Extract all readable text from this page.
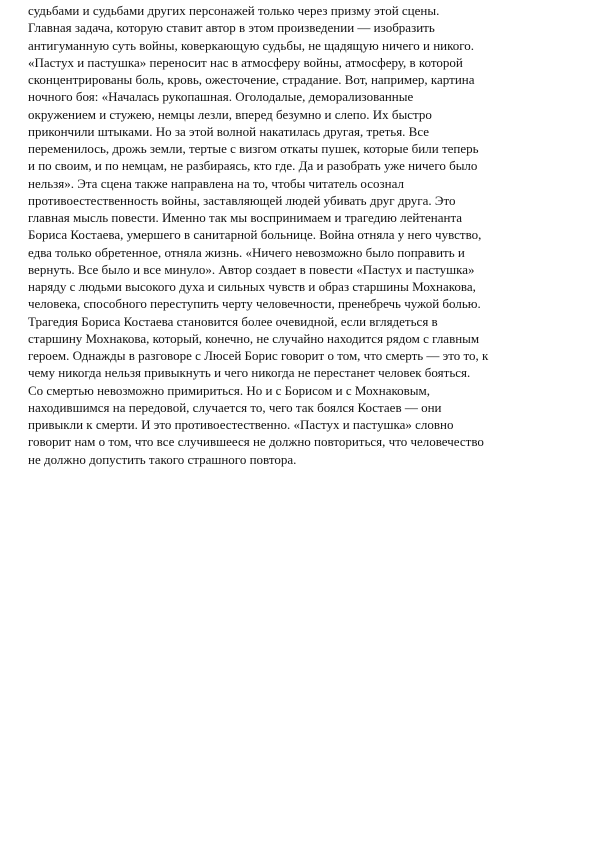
судьбами и судьбами других персонажей только через призму этой сцены.
Главная задача, которую ставит автор в этом произведении — изобразить
антигуманную суть войны, коверкающую судьбы, не щадящую ничего и никого.
«Пастух и пастушка» переносит нас в атмосферу войны, атмосферу, в которой
сконцентрированы боль, кровь, ожесточение, страдание. Вот, например, картина
ночного боя: «Началась рукопашная. Оголодалые, деморализованные
окружением и стужею, немцы лезли, вперед безумно и слепо. Их быстро
прикончили штыками. Но за этой волной накатилась другая, третья. Все
переменилось, дрожь земли, тертые с визгом откаты пушек, которые били теперь
и по своим, и по немцам, не разбираясь, кто где. Да и разобрать уже ничего было
нельзя». Эта сцена также направлена на то, чтобы читатель осознал
противоестественность войны, заставляющей людей убивать друг друга. Это
главная мысль повести. Именно так мы воспринимаем и трагедию лейтенанта
Бориса Костаева, умершего в санитарной больнице. Война отняла у него чувство,
едва только обретенное, отняла жизнь. «Ничего невозможно было поправить и
вернуть. Все было и все минуло». Автор создает в повести «Пастух и пастушка»
наряду с людьми высокого духа и сильных чувств и образ старшины Мохнакова,
человека, способного переступить черту человечности, пренебречь чужой болью.
Трагедия Бориса Костаева становится более очевидной, если вглядеться в
старшину Мохнакова, который, конечно, не случайно находится рядом с главным
героем. Однажды в разговоре с Люсей Борис говорит о том, что смерть — это то, к
чему никогда нельзя привыкнуть и чего никогда не перестанет человек бояться.
Со смертью невозможно примириться. Но и с Борисом и с Мохнаковым,
находившимся на передовой, случается то, чего так боялся Костаев — они
привыкли к смерти. И это противоестественно. «Пастух и пастушка» словно
говорит нам о том, что все случившееся не должно повториться, что человечество
не должно допустить такого страшного повтора.
